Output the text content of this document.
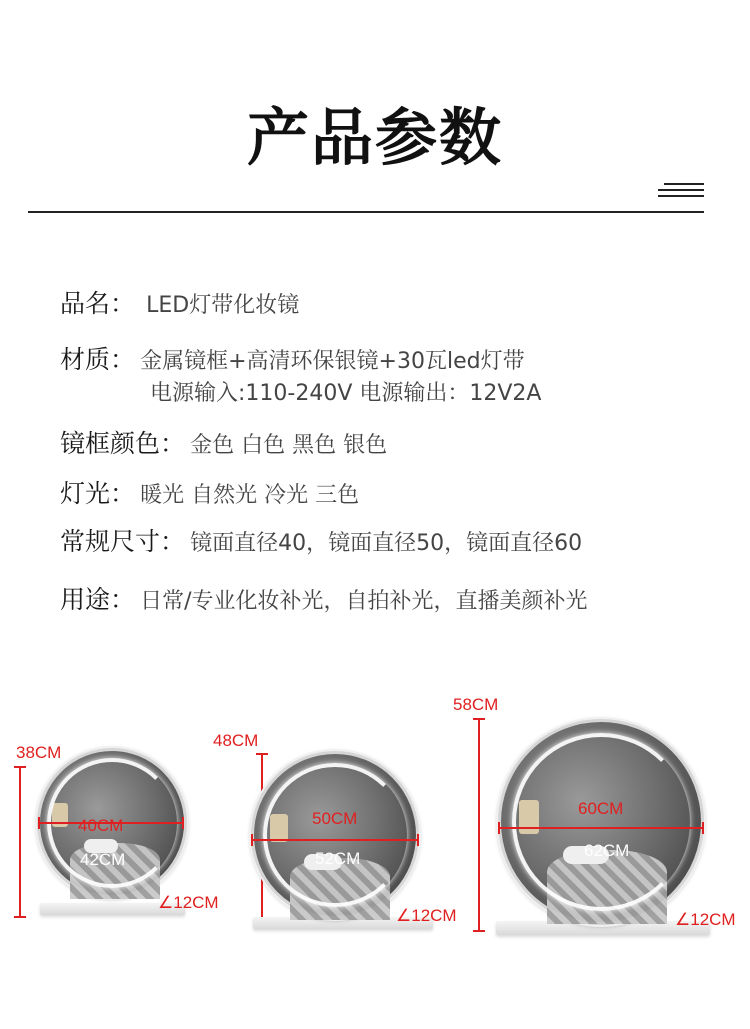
产品参数
品名： LED灯带化妆镜
材质： 金属镜框+高清环保银镜+30瓦led灯带
电源输入:110-240V 电源输出：12V2A
镜框颜色： 金色 白色 黑色 银色
灯光： 暖光 自然光 冷光 三色
常规尺寸： 镜面直径40，镜面直径50，镜面直径60
用途： 日常/专业化妆补光，自拍补光，直播美颜补光
38CM
40CM
42CM
∠12CM
48CM
50CM
52CM
∠12CM
58CM
60CM
62CM
∠12CM
